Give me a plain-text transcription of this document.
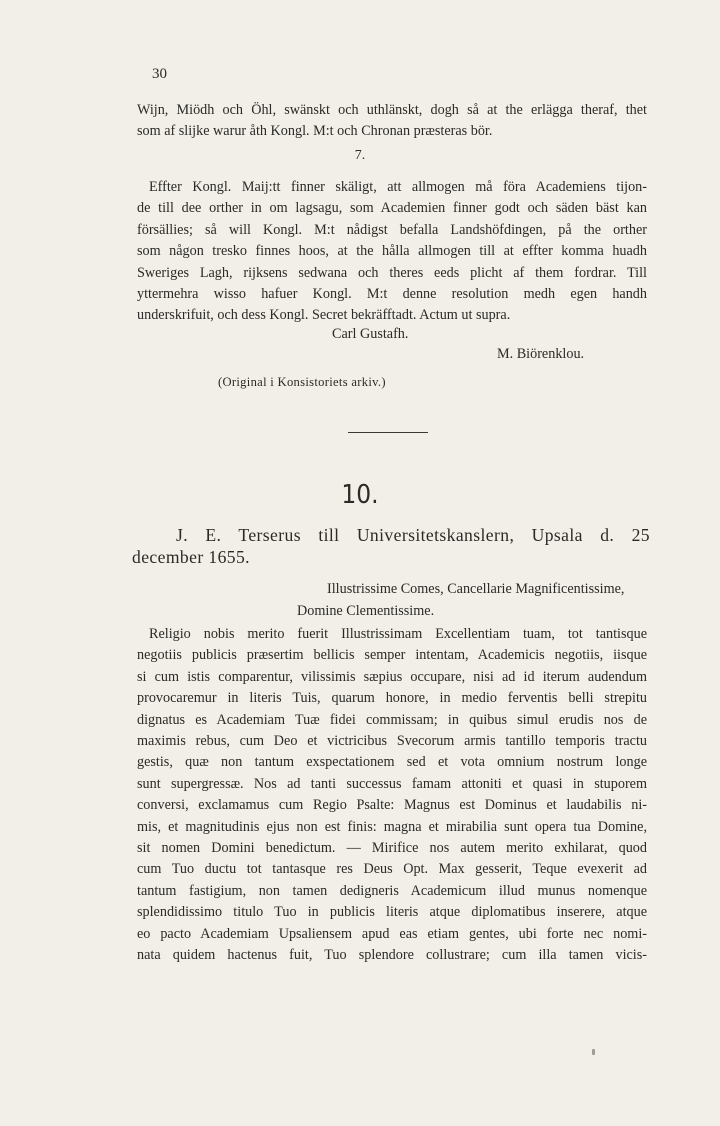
30

Wijn, Miödh och Öhl, swänskt och uthlänskt, dogh så at the erlägga theraf, thet
som af slijke warur åth Kongl. M:t och Chronan præsteras bör.

7.

Effter Kongl. Maij:tt finner skäligt, att allmogen må föra Academiens tijon-
de till dee orther in om lagsagu, som Academien finner godt och säden bäst kan
försällies; så will Kongl. M:t nådigst befalla Landshöfdingen, på the orther
som någon tresko finnes hoos, at the hålla allmogen till at effter komma huadh
Sweriges Lagh, rijksens sedwana och theres eeds plicht af them fordrar. Till
yttermehra wisso hafuer Kongl. M:t denne resolution medh egen handh
underskrifuit, och dess Kongl. Secret bekräfftadt. Actum ut supra.

Carl Gustafh.
M. Biörenklou.
(Original i Konsistoriets arkiv.)
10.
J. E. Terserus till Universitetskanslern, Upsala d. 25
december 1655.
Illustrissime Comes, Cancellarie Magnificentissime,
Domine Clementissime.

Religio nobis merito fuerit Illustrissimam Excellentiam tuam, tot tantisque
negotiis publicis præsertim bellicis semper intentam, Academicis negotiis, iisque
si cum istis comparentur, vilissimis sæpius occupare, nisi ad id iterum audendum
provocaremur in literis Tuis, quarum honore, in medio ferventis belli strepitu
dignatus es Academiam Tuæ fidei commissam; in quibus simul erudis nos de
maximis rebus, cum Deo et victricibus Svecorum armis tantillo temporis tractu
gestis, quæ non tantum exspectationem sed et vota omnium nostrum longe
sunt supergressæ. Nos ad tanti successus famam attoniti et quasi in stuporem
conversi, exclamamus cum Regio Psalte: Magnus est Dominus et laudabilis ni-
mis, et magnitudinis ejus non est finis: magna et mirabilia sunt opera tua Domine,
sit nomen Domini benedictum. — Mirifice nos autem merito exhilarat, quod
cum Tuo ductu tot tantasque res Deus Opt. Max gesserit, Teque evexerit ad
tantum fastigium, non tamen dedigneris Academicum illud munus nomenque
splendidissimo titulo Tuo in publicis literis atque diplomatibus inserere, atque
eo pacto Academiam Upsaliensem apud eas etiam gentes, ubi forte nec nomi-
nata quidem hactenus fuit, Tuo splendore collustrare; cum illa tamen vicis-
